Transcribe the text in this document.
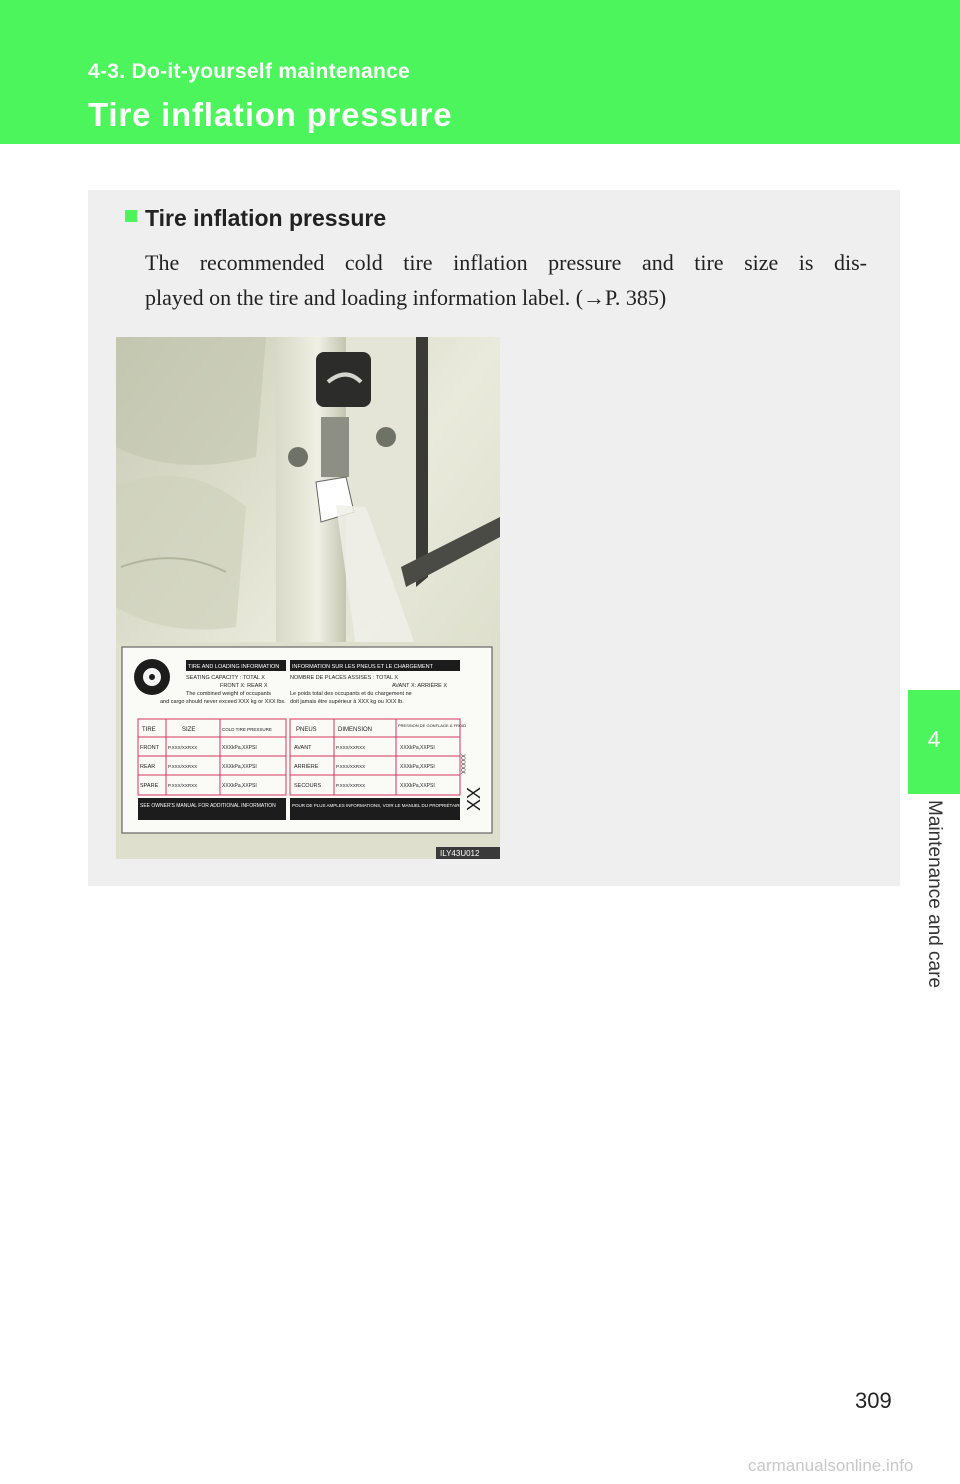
4-3. Do-it-yourself maintenance
Tire inflation pressure
4
Maintenance and care
Tire inflation pressure
The recommended cold tire inflation pressure and tire size is dis-
played on the tire and loading information label. (→P. 385)
TIRE AND LOADING INFORMATION INFORMATION SUR LES PNEUS ET LE CHARGEMENT
SEATING CAPACITY : TOTAL X
FRONT X: REAR X
The combined weight of occupants
and cargo should never exceed XXX kg or XXX lbs.
NOMBRE DE PLACES ASSISES : TOTAL X
AVANT X: ARRIÈRE X
Le poids total des occupants et du chargement ne
doit jamais être supérieur à XXX kg ou XXX lb.
TIRE	SIZE	COLD TIRE PRESSURE	PNEUS	DIMENSION
PRESSION DE GONFLAGE À FROID
FRONT P.XXX/XXRXX	XXXkPa,XXPSI
REAR	P.XXX/XXRXX	XXXkPa,XXPSI
SPARE P.XXX/XXRXX	XXXkPa,XXPSI
AVANT	P.XXX/XXRXX	XXXkPa,XXPSI
ARRIÈRE	P.XXX/XXRXX	XXXkPa,XXPSI
SECOURS	P.XXX/XXRXX	XXXkPa,XXPSI
SEE OWNER'S MANUAL FOR ADDITIONAL INFORMATION	POUR DE PLUS AMPLES INFORMATIONS, VOIR LE MANUEL DU PROPRIÉTAIRE XX
XXXXX
ILY43U012
309
carmanualsonline.info
